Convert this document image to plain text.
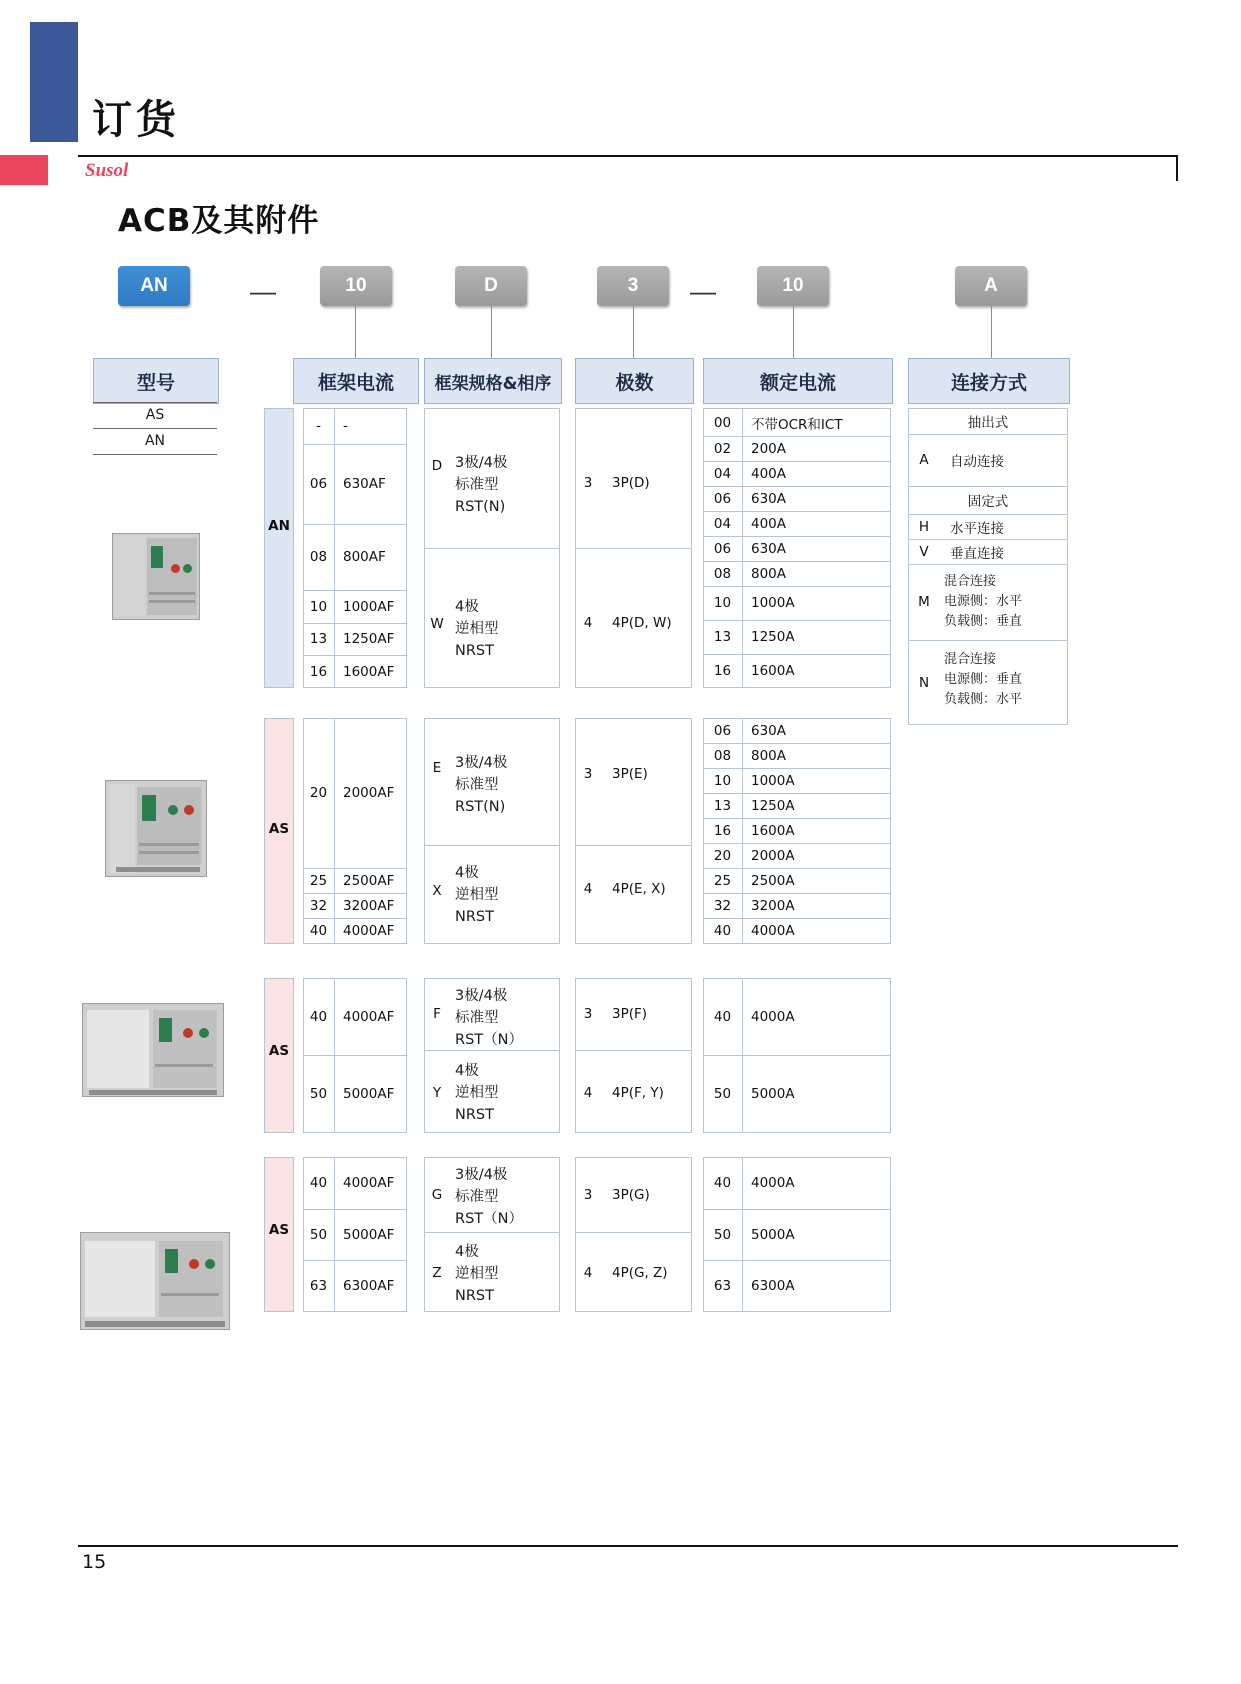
订货
Susol
ACB及其附件
AN	—	10	D	3	—	10	A
型号	框架电流	框架规格&相序	极数	额定电流	连接方式
AS
AN
AN
-	-
06	630AF
08	800AF
10	1000AF
13	1250AF
16	1600AF
D 3极/4极
标准型
RST(N)
W
4极
逆相型
NRST
3	3P(D)
4	4P(D, W)
00	不带OCR和ICT
02	200A
04	400A
06	630A
04	400A
06	630A
08	800A
10	1000A
13	1250A
16	1600A
抽出式
A	自动连接
固定式
H	水平连接
V	垂直连接
M
混合连接
电源侧：水平
负载侧：垂直
N
混合连接
电源侧：垂直
负载侧：水平
AS
20	2000AF
25	2500AF
32	3200AF
40	4000AF
E 3极/4极
标准型
RST(N)
X
4极
逆相型
NRST
3	3P(E)
4	4P(E, X)
06	630A
08	800A
10	1000A
13	1250A
16	1600A
20	2000A
25	2500A
32	3200A
40	4000A
AS
40	4000AF
50	5000AF
F
3极/4极
标准型
RST（N）
Y
4极
逆相型
NRST
3	3P(F)
4	4P(F, Y)
40	4000A
50	5000A
AS
40	4000AF
50	5000AF
63	6300AF
G
3极/4极
标准型
RST（N）
Z
4极
逆相型
NRST
3	3P(G)
4	4P(G, Z)
40	4000A
50	5000A
63	6300A
15
